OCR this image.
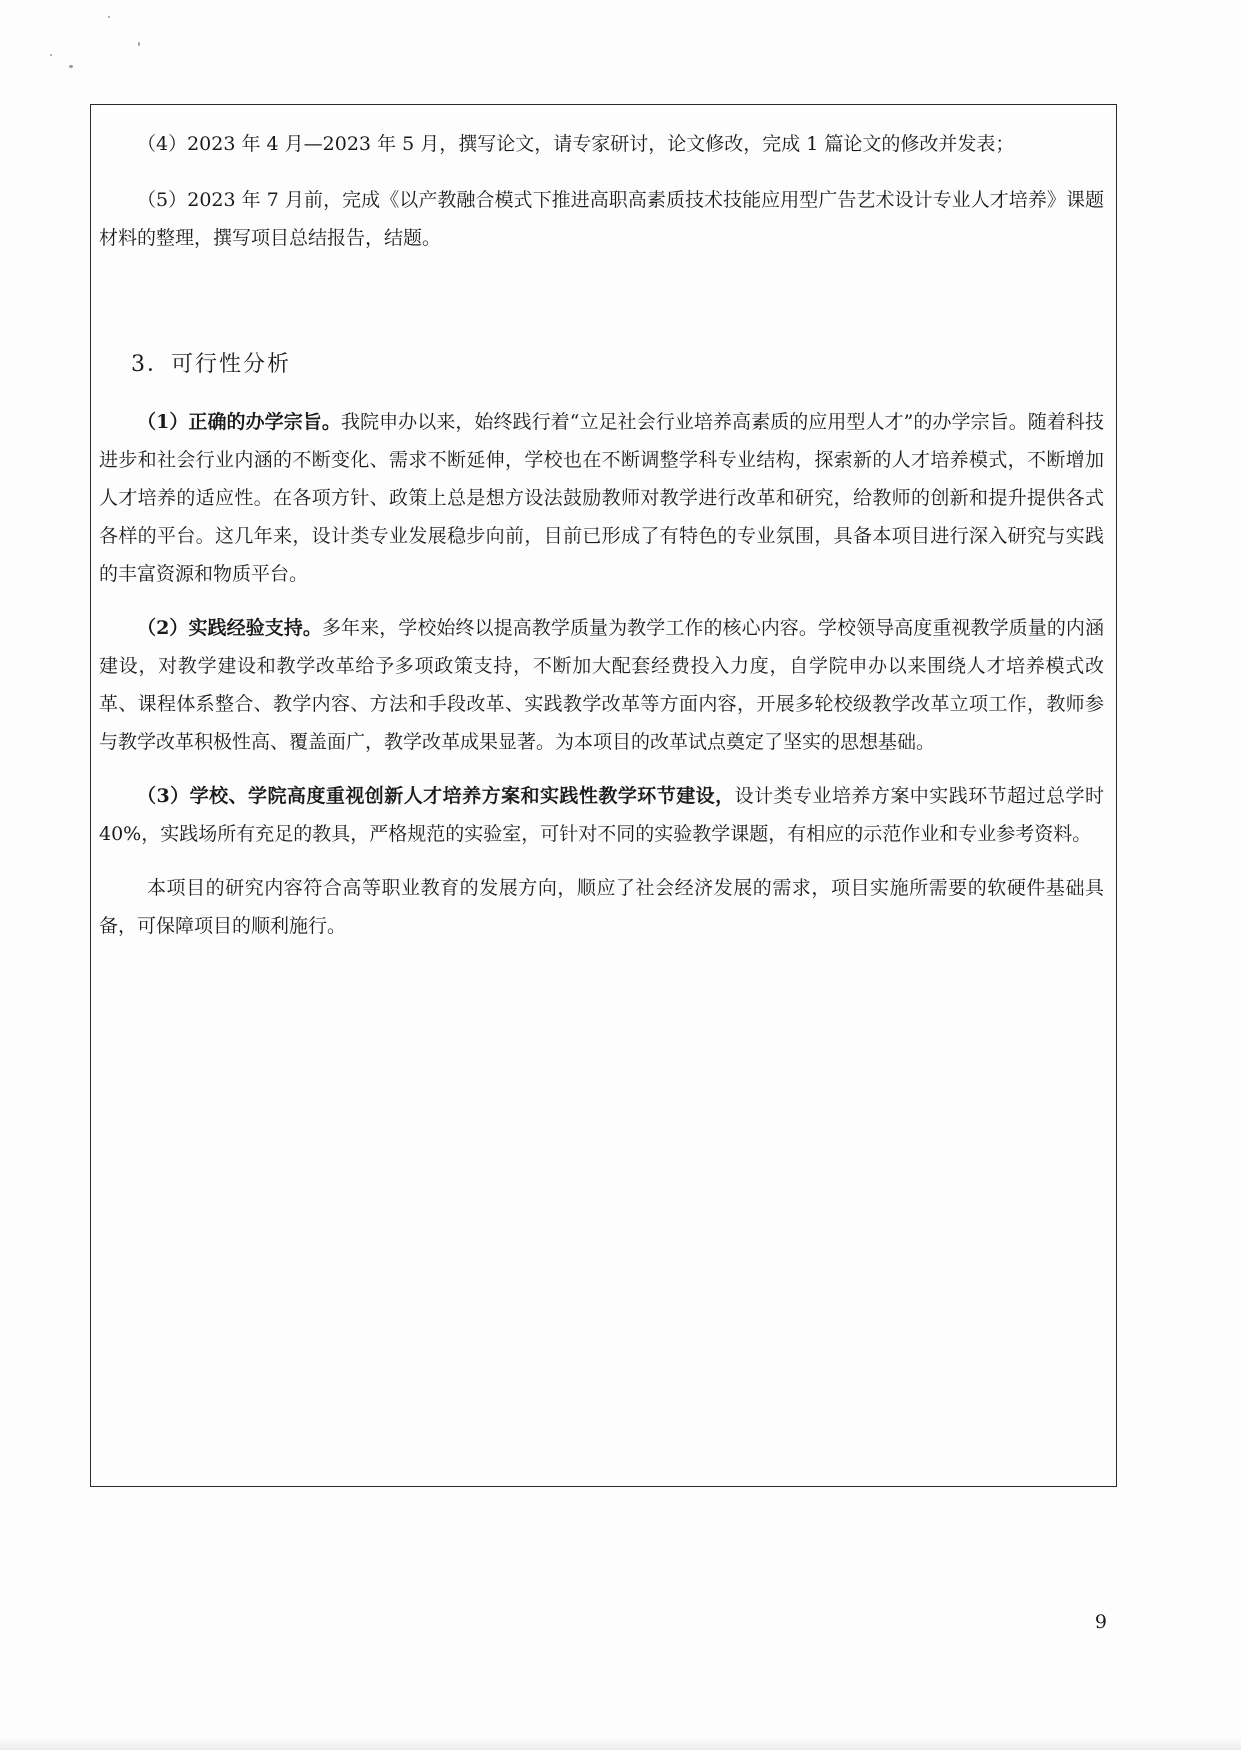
（4）2023 年 4 月—2023 年 5 月，撰写论文，请专家研讨，论文修改，完成 1 篇论文的修改并发表；

（5）2023 年 7 月前，完成《以产教融合模式下推进高职高素质技术技能应用型广告艺术设计专业人才培养》课题材料的整理，撰写项目总结报告，结题。

3．可行性分析

（1）正确的办学宗旨。我院申办以来，始终践行着“立足社会行业培养高素质的应用型人才”的办学宗旨。随着科技进步和社会行业内涵的不断变化、需求不断延伸，学校也在不断调整学科专业结构，探索新的人才培养模式，不断增加人才培养的适应性。在各项方针、政策上总是想方设法鼓励教师对教学进行改革和研究，给教师的创新和提升提供各式各样的平台。这几年来，设计类专业发展稳步向前，目前已形成了有特色的专业氛围，具备本项目进行深入研究与实践的丰富资源和物质平台。

（2）实践经验支持。多年来，学校始终以提高教学质量为教学工作的核心内容。学校领导高度重视教学质量的内涵建设，对教学建设和教学改革给予多项政策支持，不断加大配套经费投入力度，自学院申办以来围绕人才培养模式改革、课程体系整合、教学内容、方法和手段改革、实践教学改革等方面内容，开展多轮校级教学改革立项工作，教师参与教学改革积极性高、覆盖面广，教学改革成果显著。为本项目的改革试点奠定了坚实的思想基础。

（3）学校、学院高度重视创新人才培养方案和实践性教学环节建设，设计类专业培养方案中实践环节超过总学时 40%，实践场所有充足的教具，严格规范的实验室，可针对不同的实验教学课题，有相应的示范作业和专业参考资料。

本项目的研究内容符合高等职业教育的发展方向，顺应了社会经济发展的需求，项目实施所需要的软硬件基础具备，可保障项目的顺利施行。

9
